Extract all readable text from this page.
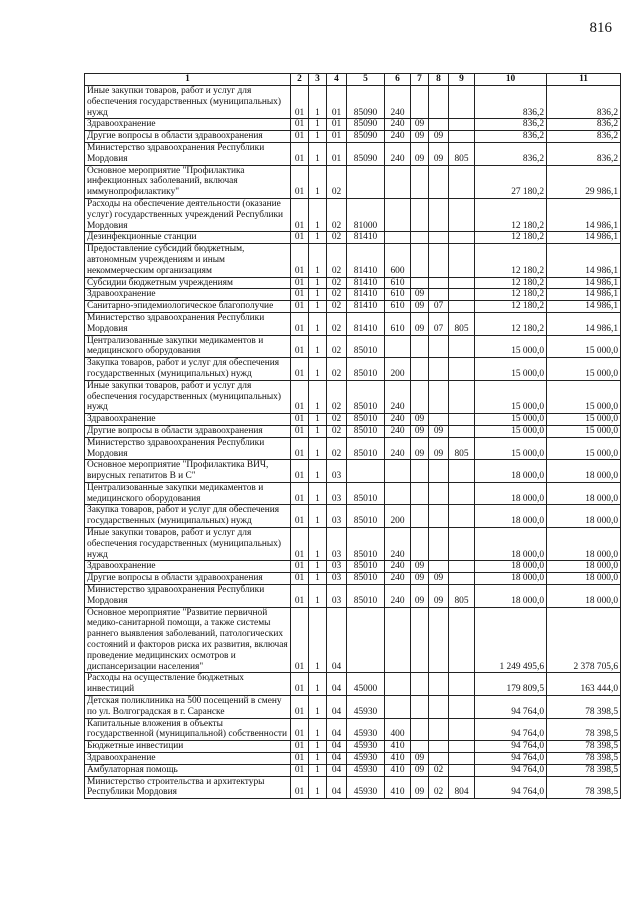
816
1	2	3	4	5	6	7	8	9	10	11
Иные закупки товаров, работ и услуг для обеспечения государственных (муниципальных) нужд	01	1	01	85090	240				836,2	836,2
Здравоохранение	01	1	01	85090	240	09			836,2	836,2
Другие вопросы в области здравоохранения	01	1	01	85090	240	09	09		836,2	836,2
Министерство здравоохранения Республики Мордовия	01	1	01	85090	240	09	09	805	836,2	836,2
Основное мероприятие "Профилактика инфекционных заболеваний, включая иммунопрофилактику"	01	1	02						27 180,2	29 986,1
Расходы на обеспечение деятельности (оказание услуг) государственных учреждений Республики Мордовия	01	1	02	81000					12 180,2	14 986,1
Дезинфекционные станции	01	1	02	81410					12 180,2	14 986,1
Предоставление субсидий бюджетным, автономным учреждениям и иным некоммерческим организациям	01	1	02	81410	600				12 180,2	14 986,1
Субсидии бюджетным учреждениям	01	1	02	81410	610				12 180,2	14 986,1
Здравоохранение	01	1	02	81410	610	09			12 180,2	14 986,1
Санитарно-эпидемиологическое благополучие	01	1	02	81410	610	09	07		12 180,2	14 986,1
Министерство здравоохранения Республики Мордовия	01	1	02	81410	610	09	07	805	12 180,2	14 986,1
Централизованные закупки медикаментов и медицинского оборудования	01	1	02	85010					15 000,0	15 000,0
Закупка товаров, работ и услуг для обеспечения государственных (муниципальных) нужд	01	1	02	85010	200				15 000,0	15 000,0
Иные закупки товаров, работ и услуг для обеспечения государственных (муниципальных) нужд	01	1	02	85010	240				15 000,0	15 000,0
Здравоохранение	01	1	02	85010	240	09			15 000,0	15 000,0
Другие вопросы в области здравоохранения	01	1	02	85010	240	09	09		15 000,0	15 000,0
Министерство здравоохранения Республики Мордовия	01	1	02	85010	240	09	09	805	15 000,0	15 000,0
Основное мероприятие "Профилактика ВИЧ, вирусных гепатитов В и С"	01	1	03						18 000,0	18 000,0
Централизованные закупки медикаментов и медицинского оборудования	01	1	03	85010					18 000,0	18 000,0
Закупка товаров, работ и услуг для обеспечения государственных (муниципальных) нужд	01	1	03	85010	200				18 000,0	18 000,0
Иные закупки товаров, работ и услуг для обеспечения государственных (муниципальных) нужд	01	1	03	85010	240				18 000,0	18 000,0
Здравоохранение	01	1	03	85010	240	09			18 000,0	18 000,0
Другие вопросы в области здравоохранения	01	1	03	85010	240	09	09		18 000,0	18 000,0
Министерство здравоохранения Республики Мордовия	01	1	03	85010	240	09	09	805	18 000,0	18 000,0
Основное мероприятие "Развитие первичной медико-санитарной помощи, а также системы раннего выявления заболеваний, патологических состояний и факторов риска их развития, включая проведение медицинских осмотров и диспансеризации населения"	01	1	04						1 249 495,6	2 378 705,6
Расходы на осуществление бюджетных инвестиций	01	1	04	45000					179 809,5	163 444,0
Детская поликлиника на 500 посещений в смену по ул. Волгоградская в г. Саранске	01	1	04	45930					94 764,0	78 398,5
Капитальные вложения в объекты государственной (муниципальной) собственности	01	1	04	45930	400				94 764,0	78 398,5
Бюджетные инвестиции	01	1	04	45930	410				94 764,0	78 398,5
Здравоохранение	01	1	04	45930	410	09			94 764,0	78 398,5
Амбулаторная помощь	01	1	04	45930	410	09	02		94 764,0	78 398,5
Министерство строительства и архитектуры Республики Мордовия	01	1	04	45930	410	09	02	804	94 764,0	78 398,5
